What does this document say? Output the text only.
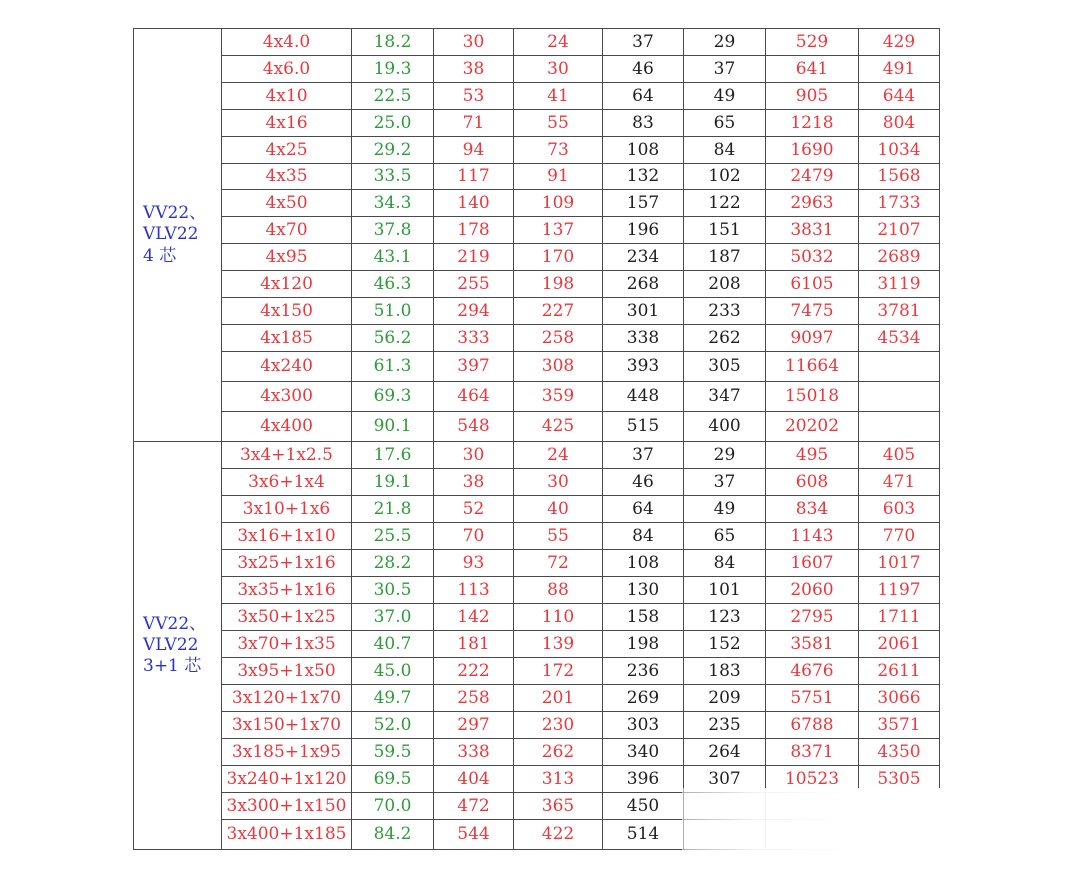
VV22、
VLV22
4 芯	4x4.0	18.2	30	24	37	29	529	429
	4x6.0	19.3	38	30	46	37	641	491
	4x10	22.5	53	41	64	49	905	644
	4x16	25.0	71	55	83	65	1218	804
	4x25	29.2	94	73	108	84	1690	1034
	4x35	33.5	117	91	132	102	2479	1568
	4x50	34.3	140	109	157	122	2963	1733
	4x70	37.8	178	137	196	151	3831	2107
	4x95	43.1	219	170	234	187	5032	2689
	4x120	46.3	255	198	268	208	6105	3119
	4x150	51.0	294	227	301	233	7475	3781
	4x185	56.2	333	258	338	262	9097	4534
	4x240	61.3	397	308	393	305	11664	
	4x300	69.3	464	359	448	347	15018	
	4x400	90.1	548	425	515	400	20202	

VV22、
VLV22
3+1 芯	3x4+1x2.5	17.6	30	24	37	29	495	405
	3x6+1x4	19.1	38	30	46	37	608	471
	3x10+1x6	21.8	52	40	64	49	834	603
	3x16+1x10	25.5	70	55	84	65	1143	770
	3x25+1x16	28.2	93	72	108	84	1607	1017
	3x35+1x16	30.5	113	88	130	101	2060	1197
	3x50+1x25	37.0	142	110	158	123	2795	1711
	3x70+1x35	40.7	181	139	198	152	3581	2061
	3x95+1x50	45.0	222	172	236	183	4676	2611
	3x120+1x70	49.7	258	201	269	209	5751	3066
	3x150+1x70	52.0	297	230	303	235	6788	3571
	3x185+1x95	59.5	338	262	340	264	8371	4350
	3x240+1x120	69.5	404	313	396	307	10523	5305
	3x300+1x150	70.0	472	365	450			
	3x400+1x185	84.2	544	422	514			
